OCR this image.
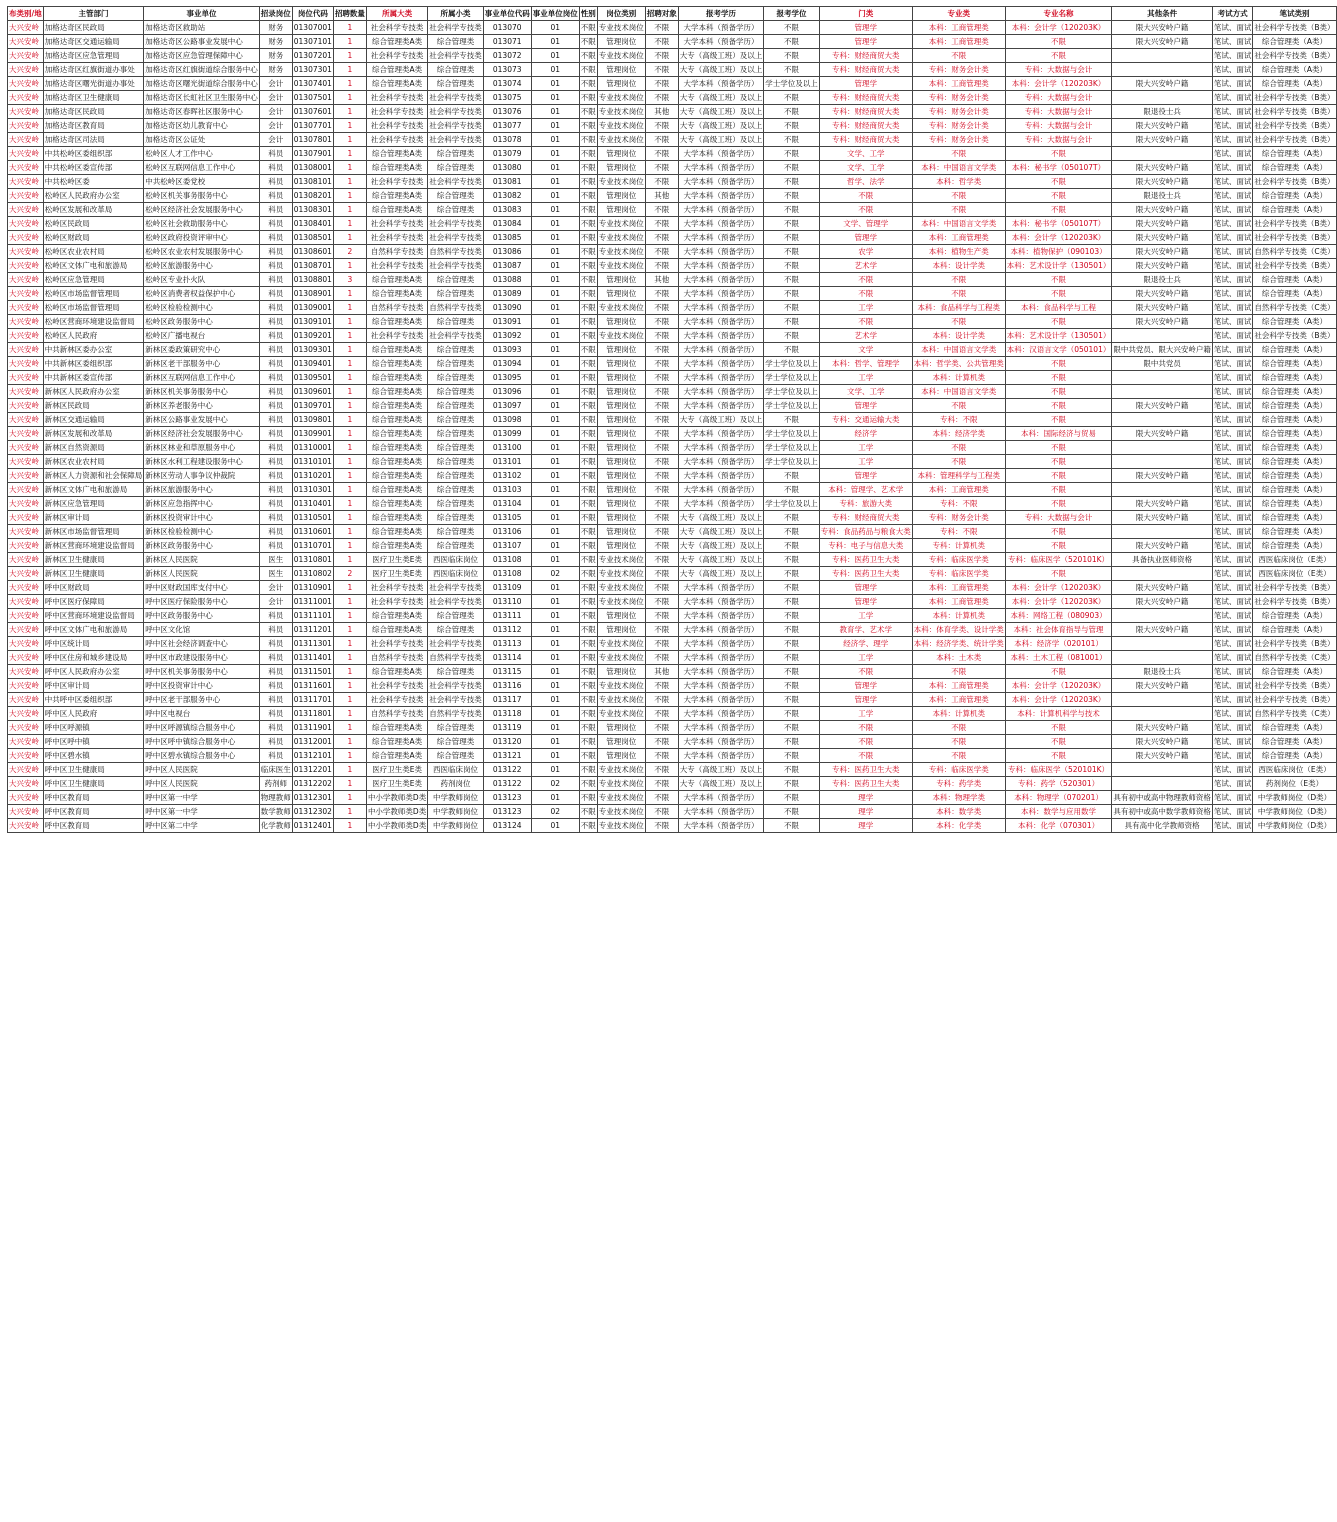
布类别/地	主管部门	事业单位	招录岗位	岗位代码	招聘数量	所属大类	所属小类	事业单位代码	事业单位岗位	性别	岗位类别	招聘对象	报考学历	报考学位	门类	专业类	专业名称	其他条件	考试方式	笔试类别
大兴安岭	加格达奇区民政局	加格达奇区救助站	财务	01307001	1	社会科学专技类	社会科学专技类	013070	01	不限	专业技术岗位	不限	大学本科（预备学历）	不限	管理学	本科：工商管理类	本科：会计学（120203K）	限大兴安岭户籍	笔试、面试	社会科学专技类（B类）
大兴安岭	加格达奇区交通运输局	加格达奇区公路事业发展中心	财务	01307101	1	综合管理类A类	综合管理类	013071	01	不限	管理岗位	不限	大学本科（预备学历）	不限	管理学	本科：工商管理类	不限	限大兴安岭户籍	笔试、面试	综合管理类（A类）
大兴安岭	加格达奇区应急管理局	加格达奇区应急管理保障中心	财务	01307201	1	社会科学专技类	社会科学专技类	013072	01	不限	专业技术岗位	不限	大专（高级工班）及以上	不限	专科：财经商贸大类	不限	不限		笔试、面试	社会科学专技类（B类）
大兴安岭	加格达奇区红旗街道办事处	加格达奇区红旗街道综合服务中心	财务	01307301	1	综合管理类A类	综合管理类	013073	01	不限	管理岗位	不限	大专（高级工班）及以上	不限	专科：财经商贸大类	专科：财务会计类	专科：大数据与会计		笔试、面试	综合管理类（A类）
大兴安岭	加格达奇区曙光街道办事处	加格达奇区曙光街道综合服务中心	会计	01307401	1	综合管理类A类	综合管理类	013074	01	不限	管理岗位	不限	大学本科（预备学历）	学士学位及以上	管理学	本科：工商管理类	本科：会计学（120203K）	限大兴安岭户籍	笔试、面试	综合管理类（A类）
大兴安岭	加格达奇区卫生健康局	加格达奇区长虹社区卫生服务中心	会计	01307501	1	社会科学专技类	社会科学专技类	013075	01	不限	专业技术岗位	不限	大专（高级工班）及以上	不限	专科：财经商贸大类	专科：财务会计类	专科：大数据与会计		笔试、面试	社会科学专技类（B类）
大兴安岭	加格达奇区民政局	加格达奇区春晖社区服务中心	会计	01307601	1	社会科学专技类	社会科学专技类	013076	01	不限	专业技术岗位	其他	大专（高级工班）及以上	不限	专科：财经商贸大类	专科：财务会计类	专科：大数据与会计	限退役士兵	笔试、面试	社会科学专技类（B类）
大兴安岭	加格达奇区教育局	加格达奇区幼儿教育中心	会计	01307701	1	社会科学专技类	社会科学专技类	013077	01	不限	专业技术岗位	不限	大专（高级工班）及以上	不限	专科：财经商贸大类	专科：财务会计类	专科：大数据与会计	限大兴安岭户籍	笔试、面试	社会科学专技类（B类）
大兴安岭	加格达奇区司法局	加格达奇区公证处	会计	01307801	1	社会科学专技类	社会科学专技类	013078	01	不限	专业技术岗位	不限	大专（高级工班）及以上	不限	专科：财经商贸大类	专科：财务会计类	专科：大数据与会计	限大兴安岭户籍	笔试、面试	社会科学专技类（B类）
大兴安岭	中共松岭区委组织部	松岭区人才工作中心	科员	01307901	1	综合管理类A类	综合管理类	013079	01	不限	管理岗位	不限	大学本科（预备学历）	不限	文学、工学	不限	不限		笔试、面试	综合管理类（A类）
大兴安岭	中共松岭区委宣传部	松岭区互联网信息工作中心	科员	01308001	1	综合管理类A类	综合管理类	013080	01	不限	管理岗位	不限	大学本科（预备学历）	不限	文学、工学	本科：中国语言文学类	本科：秘书学（050107T）	限大兴安岭户籍	笔试、面试	综合管理类（A类）
大兴安岭	中共松岭区委	中共松岭区委党校	科员	01308101	1	社会科学专技类	社会科学专技类	013081	01	不限	专业技术岗位	不限	大学本科（预备学历）	不限	哲学、法学	本科：哲学类	不限	限大兴安岭户籍	笔试、面试	社会科学专技类（B类）
大兴安岭	松岭区人民政府办公室	松岭区机关事务服务中心	科员	01308201	1	综合管理类A类	综合管理类	013082	01	不限	管理岗位	其他	大学本科（预备学历）	不限	不限	不限	不限	限退役士兵	笔试、面试	综合管理类（A类）
大兴安岭	松岭区发展和改革局	松岭区经济社会发展服务中心	科员	01308301	1	综合管理类A类	综合管理类	013083	01	不限	管理岗位	不限	大学本科（预备学历）	不限	不限	不限	不限	限大兴安岭户籍	笔试、面试	综合管理类（A类）
大兴安岭	松岭区民政局	松岭区社会救助服务中心	科员	01308401	1	社会科学专技类	社会科学专技类	013084	01	不限	专业技术岗位	不限	大学本科（预备学历）	不限	文学、管理学	本科：中国语言文学类	本科：秘书学（050107T）	限大兴安岭户籍	笔试、面试	社会科学专技类（B类）
大兴安岭	松岭区财政局	松岭区政府投资评审中心	科员	01308501	1	社会科学专技类	社会科学专技类	013085	01	不限	专业技术岗位	不限	大学本科（预备学历）	不限	管理学	本科：工商管理类	本科：会计学（120203K）	限大兴安岭户籍	笔试、面试	社会科学专技类（B类）
大兴安岭	松岭区农业农村局	松岭区农业农村发展服务中心	科员	01308601	2	自然科学专技类	自然科学专技类	013086	01	不限	专业技术岗位	不限	大学本科（预备学历）	不限	农学	本科：植物生产类	本科：植物保护（090103）	限大兴安岭户籍	笔试、面试	自然科学专技类（C类）
大兴安岭	松岭区文体广电和旅游局	松岭区旅游服务中心	科员	01308701	1	社会科学专技类	社会科学专技类	013087	01	不限	专业技术岗位	不限	大学本科（预备学历）	不限	艺术学	本科：设计学类	本科：艺术设计学（130501）	限大兴安岭户籍	笔试、面试	社会科学专技类（B类）
大兴安岭	松岭区应急管理局	松岭区专业扑火队	科员	01308801	3	综合管理类A类	综合管理类	013088	01	不限	管理岗位	其他	大学本科（预备学历）	不限	不限	不限	不限	限退役士兵	笔试、面试	综合管理类（A类）
大兴安岭	松岭区市场监督管理局	松岭区消费者权益保护中心	科员	01308901	1	综合管理类A类	综合管理类	013089	01	不限	管理岗位	不限	大学本科（预备学历）	不限	不限	不限	不限	限大兴安岭户籍	笔试、面试	综合管理类（A类）
大兴安岭	松岭区市场监督管理局	松岭区检验检测中心	科员	01309001	1	自然科学专技类	自然科学专技类	013090	01	不限	专业技术岗位	不限	大学本科（预备学历）	不限	工学	本科：食品科学与工程类	本科：食品科学与工程	限大兴安岭户籍	笔试、面试	自然科学专技类（C类）
大兴安岭	松岭区营商环境建设监督局	松岭区政务服务中心	科员	01309101	1	综合管理类A类	综合管理类	013091	01	不限	管理岗位	不限	大学本科（预备学历）	不限	不限	不限	不限	限大兴安岭户籍	笔试、面试	综合管理类（A类）
大兴安岭	松岭区人民政府	松岭区广播电视台	科员	01309201	1	社会科学专技类	社会科学专技类	013092	01	不限	专业技术岗位	不限	大学本科（预备学历）	不限	艺术学	本科：设计学类	本科：艺术设计学（130501）		笔试、面试	社会科学专技类（B类）
大兴安岭	中共新林区委办公室	新林区委政策研究中心	科员	01309301	1	综合管理类A类	综合管理类	013093	01	不限	管理岗位	不限	大学本科（预备学历）	不限	文学	本科：中国语言文学类	本科：汉语言文学（050101）	限中共党员、限大兴安岭户籍	笔试、面试	综合管理类（A类）
大兴安岭	中共新林区委组织部	新林区老干部服务中心	科员	01309401	1	综合管理类A类	综合管理类	013094	01	不限	管理岗位	不限	大学本科（预备学历）	学士学位及以上	本科：哲学、管理学	本科：哲学类、公共管理类	不限	限中共党员	笔试、面试	综合管理类（A类）
大兴安岭	中共新林区委宣传部	新林区互联网信息工作中心	科员	01309501	1	综合管理类A类	综合管理类	013095	01	不限	管理岗位	不限	大学本科（预备学历）	学士学位及以上	工学	本科：计算机类	不限		笔试、面试	综合管理类（A类）
大兴安岭	新林区人民政府办公室	新林区机关事务服务中心	科员	01309601	1	综合管理类A类	综合管理类	013096	01	不限	管理岗位	不限	大学本科（预备学历）	学士学位及以上	文学、工学	本科：中国语言文学类	不限		笔试、面试	综合管理类（A类）
大兴安岭	新林区民政局	新林区养老服务中心	科员	01309701	1	综合管理类A类	综合管理类	013097	01	不限	管理岗位	不限	大学本科（预备学历）	学士学位及以上	管理学	不限	不限	限大兴安岭户籍	笔试、面试	综合管理类（A类）
大兴安岭	新林区交通运输局	新林区公路事业发展中心	科员	01309801	1	综合管理类A类	综合管理类	013098	01	不限	管理岗位	不限	大专（高级工班）及以上	不限	专科：交通运输大类	专科：不限	不限		笔试、面试	综合管理类（A类）
大兴安岭	新林区发展和改革局	新林区经济社会发展服务中心	科员	01309901	1	综合管理类A类	综合管理类	013099	01	不限	管理岗位	不限	大学本科（预备学历）	学士学位及以上	经济学	本科：经济学类	本科：国际经济与贸易	限大兴安岭户籍	笔试、面试	综合管理类（A类）
大兴安岭	新林区自然资源局	新林区林业和草原服务中心	科员	01310001	1	综合管理类A类	综合管理类	013100	01	不限	管理岗位	不限	大学本科（预备学历）	学士学位及以上	工学	不限	不限		笔试、面试	综合管理类（A类）
大兴安岭	新林区农业农村局	新林区水利工程建设服务中心	科员	01310101	1	综合管理类A类	综合管理类	013101	01	不限	管理岗位	不限	大学本科（预备学历）	学士学位及以上	工学	不限	不限		笔试、面试	综合管理类（A类）
大兴安岭	新林区人力资源和社会保障局	新林区劳动人事争议仲裁院	科员	01310201	1	综合管理类A类	综合管理类	013102	01	不限	管理岗位	不限	大学本科（预备学历）	不限	管理学	本科：管理科学与工程类	不限	限大兴安岭户籍	笔试、面试	综合管理类（A类）
大兴安岭	新林区文体广电和旅游局	新林区旅游服务中心	科员	01310301	1	综合管理类A类	综合管理类	013103	01	不限	管理岗位	不限	大学本科（预备学历）	不限	本科：管理学、艺术学	本科：工商管理类	不限		笔试、面试	综合管理类（A类）
大兴安岭	新林区应急管理局	新林区应急指挥中心	科员	01310401	1	综合管理类A类	综合管理类	013104	01	不限	管理岗位	不限	大学本科（预备学历）	学士学位及以上	专科：旅游大类	专科：不限	不限	限大兴安岭户籍	笔试、面试	综合管理类（A类）
大兴安岭	新林区审计局	新林区投资审计中心	科员	01310501	1	综合管理类A类	综合管理类	013105	01	不限	管理岗位	不限	大专（高级工班）及以上	不限	专科：财经商贸大类	专科：财务会计类	专科：大数据与会计	限大兴安岭户籍	笔试、面试	综合管理类（A类）
大兴安岭	新林区市场监督管理局	新林区检验检测中心	科员	01310601	1	综合管理类A类	综合管理类	013106	01	不限	管理岗位	不限	大专（高级工班）及以上	不限	专科：食品药品与粮食大类	专科：不限	不限		笔试、面试	综合管理类（A类）
大兴安岭	新林区营商环境建设监督局	新林区政务服务中心	科员	01310701	1	综合管理类A类	综合管理类	013107	01	不限	管理岗位	不限	大专（高级工班）及以上	不限	专科：电子与信息大类	专科：计算机类	不限	限大兴安岭户籍	笔试、面试	综合管理类（A类）
大兴安岭	新林区卫生健康局	新林区人民医院	医生	01310801	1	医疗卫生类E类	西医临床岗位	013108	01	不限	专业技术岗位	不限	大专（高级工班）及以上	不限	专科：医药卫生大类	专科：临床医学类	专科：临床医学（520101K）	具备执业医师资格	笔试、面试	西医临床岗位（E类）
大兴安岭	新林区卫生健康局	新林区人民医院	医生	01310802	2	医疗卫生类E类	西医临床岗位	013108	02	不限	专业技术岗位	不限	大专（高级工班）及以上	不限	专科：医药卫生大类	专科：临床医学类	不限		笔试、面试	西医临床岗位（E类）
大兴安岭	呼中区财政局	呼中区财政国库支付中心	会计	01310901	1	社会科学专技类	社会科学专技类	013109	01	不限	专业技术岗位	不限	大学本科（预备学历）	不限	管理学	本科：工商管理类	本科：会计学（120203K）	限大兴安岭户籍	笔试、面试	社会科学专技类（B类）
大兴安岭	呼中区医疗保障局	呼中区医疗保险服务中心	会计	01311001	1	社会科学专技类	社会科学专技类	013110	01	不限	专业技术岗位	不限	大学本科（预备学历）	不限	管理学	本科：工商管理类	本科：会计学（120203K）	限大兴安岭户籍	笔试、面试	社会科学专技类（B类）
大兴安岭	呼中区营商环境建设监督局	呼中区政务服务中心	科员	01311101	1	综合管理类A类	综合管理类	013111	01	不限	管理岗位	不限	大学本科（预备学历）	不限	工学	本科：计算机类	本科：网络工程（080903）		笔试、面试	综合管理类（A类）
大兴安岭	呼中区文体广电和旅游局	呼中区文化馆	科员	01311201	1	综合管理类A类	综合管理类	013112	01	不限	管理岗位	不限	大学本科（预备学历）	不限	教育学、艺术学	本科：体育学类、设计学类	本科：社会体育指导与管理	限大兴安岭户籍	笔试、面试	综合管理类（A类）
大兴安岭	呼中区统计局	呼中区社会经济调查中心	科员	01311301	1	社会科学专技类	社会科学专技类	013113	01	不限	专业技术岗位	不限	大学本科（预备学历）	不限	经济学、理学	本科：经济学类、统计学类	本科：经济学（020101）		笔试、面试	社会科学专技类（B类）
大兴安岭	呼中区住房和城乡建设局	呼中区市政建设服务中心	科员	01311401	1	自然科学专技类	自然科学专技类	013114	01	不限	专业技术岗位	不限	大学本科（预备学历）	不限	工学	本科：土木类	本科：土木工程（081001）		笔试、面试	自然科学专技类（C类）
大兴安岭	呼中区人民政府办公室	呼中区机关事务服务中心	科员	01311501	1	综合管理类A类	综合管理类	013115	01	不限	管理岗位	其他	大学本科（预备学历）	不限	不限	不限	不限	限退役士兵	笔试、面试	综合管理类（A类）
大兴安岭	呼中区审计局	呼中区投资审计中心	科员	01311601	1	社会科学专技类	社会科学专技类	013116	01	不限	专业技术岗位	不限	大学本科（预备学历）	不限	管理学	本科：工商管理类	本科：会计学（120203K）	限大兴安岭户籍	笔试、面试	社会科学专技类（B类）
大兴安岭	中共呼中区委组织部	呼中区老干部服务中心	科员	01311701	1	社会科学专技类	社会科学专技类	013117	01	不限	专业技术岗位	不限	大学本科（预备学历）	不限	管理学	本科：工商管理类	本科：会计学（120203K）		笔试、面试	社会科学专技类（B类）
大兴安岭	呼中区人民政府	呼中区电视台	科员	01311801	1	自然科学专技类	自然科学专技类	013118	01	不限	专业技术岗位	不限	大学本科（预备学历）	不限	工学	本科：计算机类	本科：计算机科学与技术		笔试、面试	自然科学专技类（C类）
大兴安岭	呼中区呼源镇	呼中区呼源镇综合服务中心	科员	01311901	1	综合管理类A类	综合管理类	013119	01	不限	管理岗位	不限	大学本科（预备学历）	不限	不限	不限	不限	限大兴安岭户籍	笔试、面试	综合管理类（A类）
大兴安岭	呼中区呼中镇	呼中区呼中镇综合服务中心	科员	01312001	1	综合管理类A类	综合管理类	013120	01	不限	管理岗位	不限	大学本科（预备学历）	不限	不限	不限	不限	限大兴安岭户籍	笔试、面试	综合管理类（A类）
大兴安岭	呼中区碧水镇	呼中区碧水镇综合服务中心	科员	01312101	1	综合管理类A类	综合管理类	013121	01	不限	管理岗位	不限	大学本科（预备学历）	不限	不限	不限	不限	限大兴安岭户籍	笔试、面试	综合管理类（A类）
大兴安岭	呼中区卫生健康局	呼中区人民医院	临床医生	01312201	1	医疗卫生类E类	西医临床岗位	013122	01	不限	专业技术岗位	不限	大专（高级工班）及以上	不限	专科：医药卫生大类	专科：临床医学类	专科：临床医学（520101K）		笔试、面试	西医临床岗位（E类）
大兴安岭	呼中区卫生健康局	呼中区人民医院	药剂师	01312202	1	医疗卫生类E类	药剂岗位	013122	02	不限	专业技术岗位	不限	大专（高级工班）及以上	不限	专科：医药卫生大类	专科：药学类	专科：药学（520301）		笔试、面试	药剂岗位（E类）
大兴安岭	呼中区教育局	呼中区第一中学	物理教师	01312301	1	中小学教师类D类	中学教师岗位	013123	01	不限	专业技术岗位	不限	大学本科（预备学历）	不限	理学	本科：物理学类	本科：物理学（070201）	具有初中或高中物理教师资格	笔试、面试	中学教师岗位（D类）
大兴安岭	呼中区教育局	呼中区第一中学	数学教师	01312302	1	中小学教师类D类	中学教师岗位	013123	02	不限	专业技术岗位	不限	大学本科（预备学历）	不限	理学	本科：数学类	本科：数学与应用数学	具有初中或高中数学教师资格	笔试、面试	中学教师岗位（D类）
大兴安岭	呼中区教育局	呼中区第二中学	化学教师	01312401	1	中小学教师类D类	中学教师岗位	013124	01	不限	专业技术岗位	不限	大学本科（预备学历）	不限	理学	本科：化学类	本科：化学（070301）	具有高中化学教师资格	笔试、面试	中学教师岗位（D类）
